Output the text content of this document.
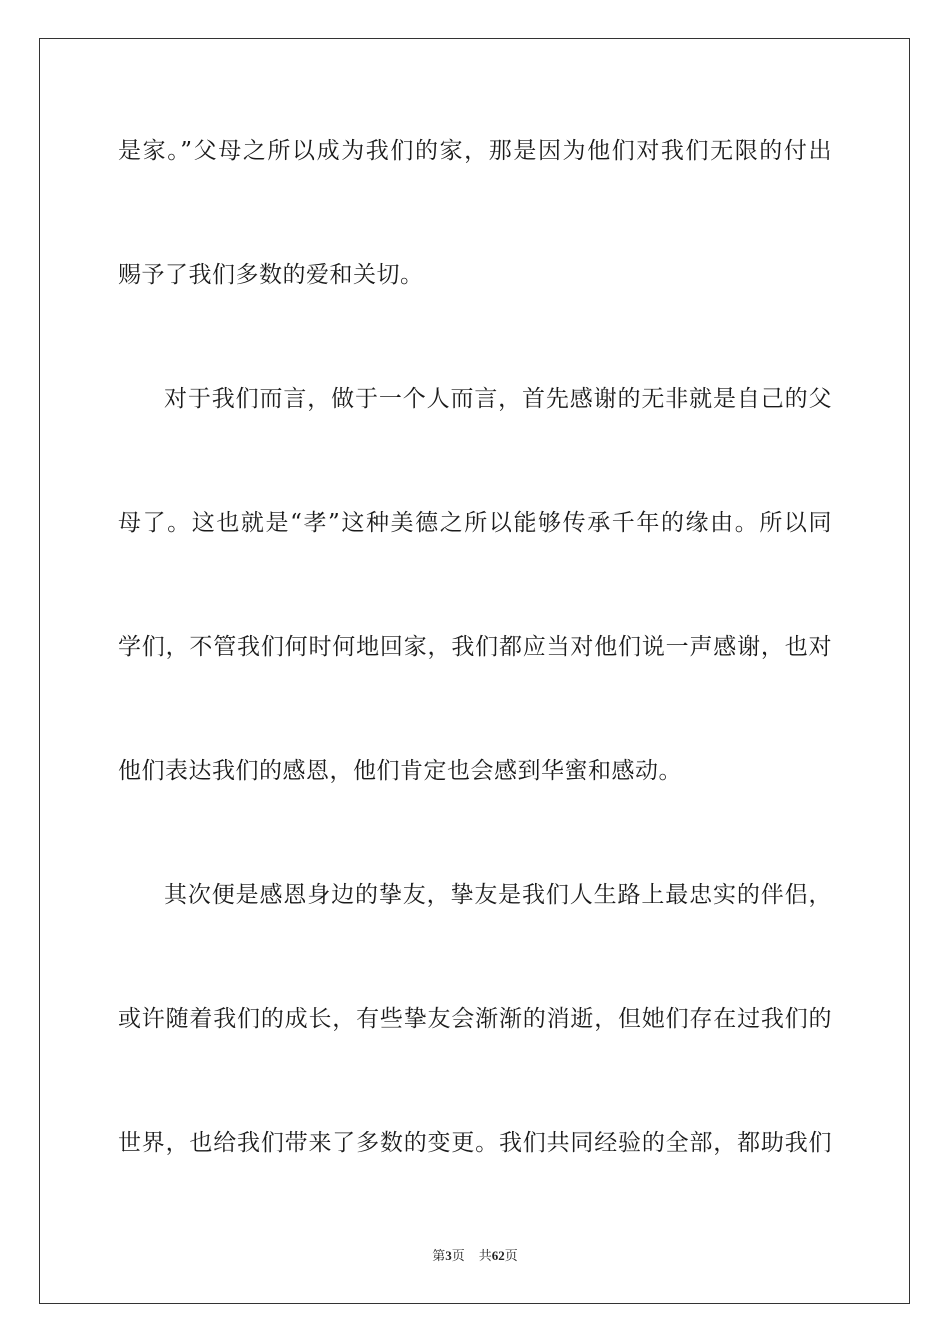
是家。”父母之所以成为我们的家，那是因为他们对我们无限的付出
赐予了我们多数的爱和关切。
对于我们而言，做于一个人而言，首先感谢的无非就是自己的父
母了。这也就是“孝”这种美德之所以能够传承千年的缘由。所以同
学们，不管我们何时何地回家，我们都应当对他们说一声感谢，也对
他们表达我们的感恩，他们肯定也会感到华蜜和感动。
其次便是感恩身边的挚友，挚友是我们人生路上最忠实的伴侣，
或许随着我们的成长，有些挚友会渐渐的消逝，但她们存在过我们的
世界，也给我们带来了多数的变更。我们共同经验的全部，都助我们
第3页 共62页
